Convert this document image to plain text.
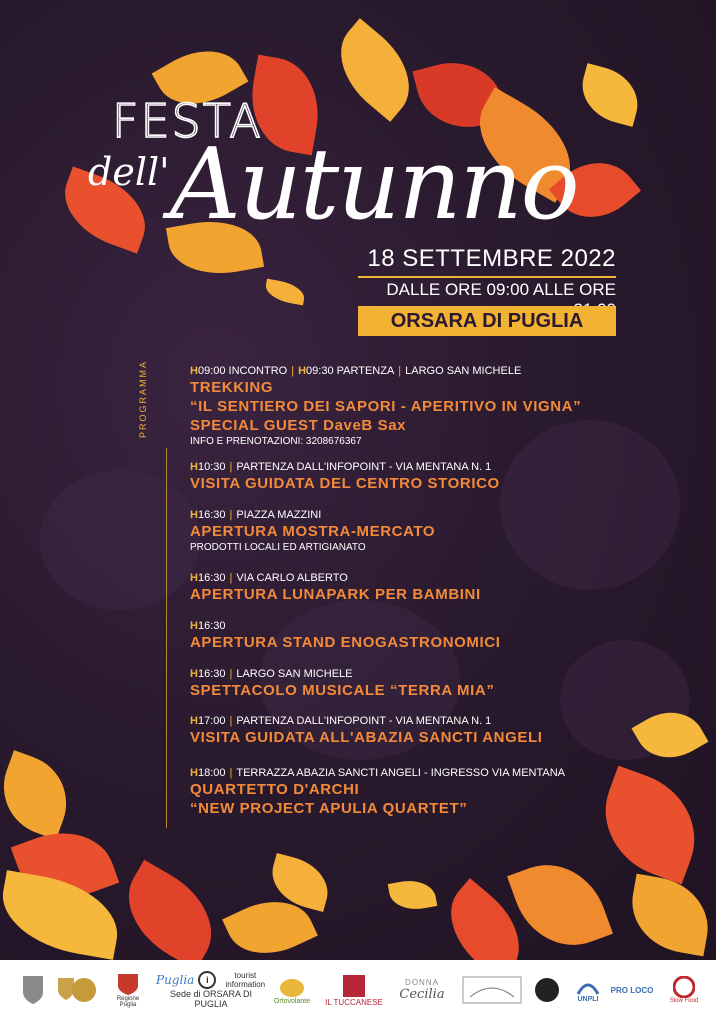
FESTA
dell' Autunno
18 SETTEMBRE 2022
DALLE ORE 09:00 ALLE ORE
ORSARA DI PUGLIA
PROGRAMMA	H09:00 INCONTRO | H09:30 PARTENZA | LARGO SAN MICHELE
TREKKING
“IL SENTIERO DEI SAPORI - APERITIVO IN VIGNA”
SPECIAL GUEST DaveB Sax
INFO E PRENOTAZIONI: 3208676367
H10:30 | PARTENZA DALL'INFOPOINT - VIA MENTANA N. 1
VISITA GUIDATA DEL CENTRO STORICO
H16:30 | PIAZZA MAZZINI
APERTURA MOSTRA-MERCATO
PRODOTTI LOCALI ED ARTIGIANATO
H16:30 | VIA CARLO ALBERTO
APERTURA LUNAPARK PER BAMBINI
H16:30
APERTURA STAND ENOGASTRONOMICI
H16:30 | LARGO SAN MICHELE
SPETTACOLO MUSICALE “TERRA MIA”
H17:00 | PARTENZA DALL'INFOPOINT - VIA MENTANA N. 1
VISITA GUIDATA ALL'ABAZIA SANCTI ANGELI
H18:00 | TERRAZZA ABAZIA SANCTI ANGELI - INGRESSO VIA MENTANA
QUARTETTO D'ARCHI
“NEW PROJECT APULIA QUARTET”
Regione Puglia
Puglia	i	tourist information
Sede di ORSARA DI PUGLIA	Ortovolante IL TUCCANESE
DONNA
Cecilia	UNPLI
PRO LOCO
Slow Food
